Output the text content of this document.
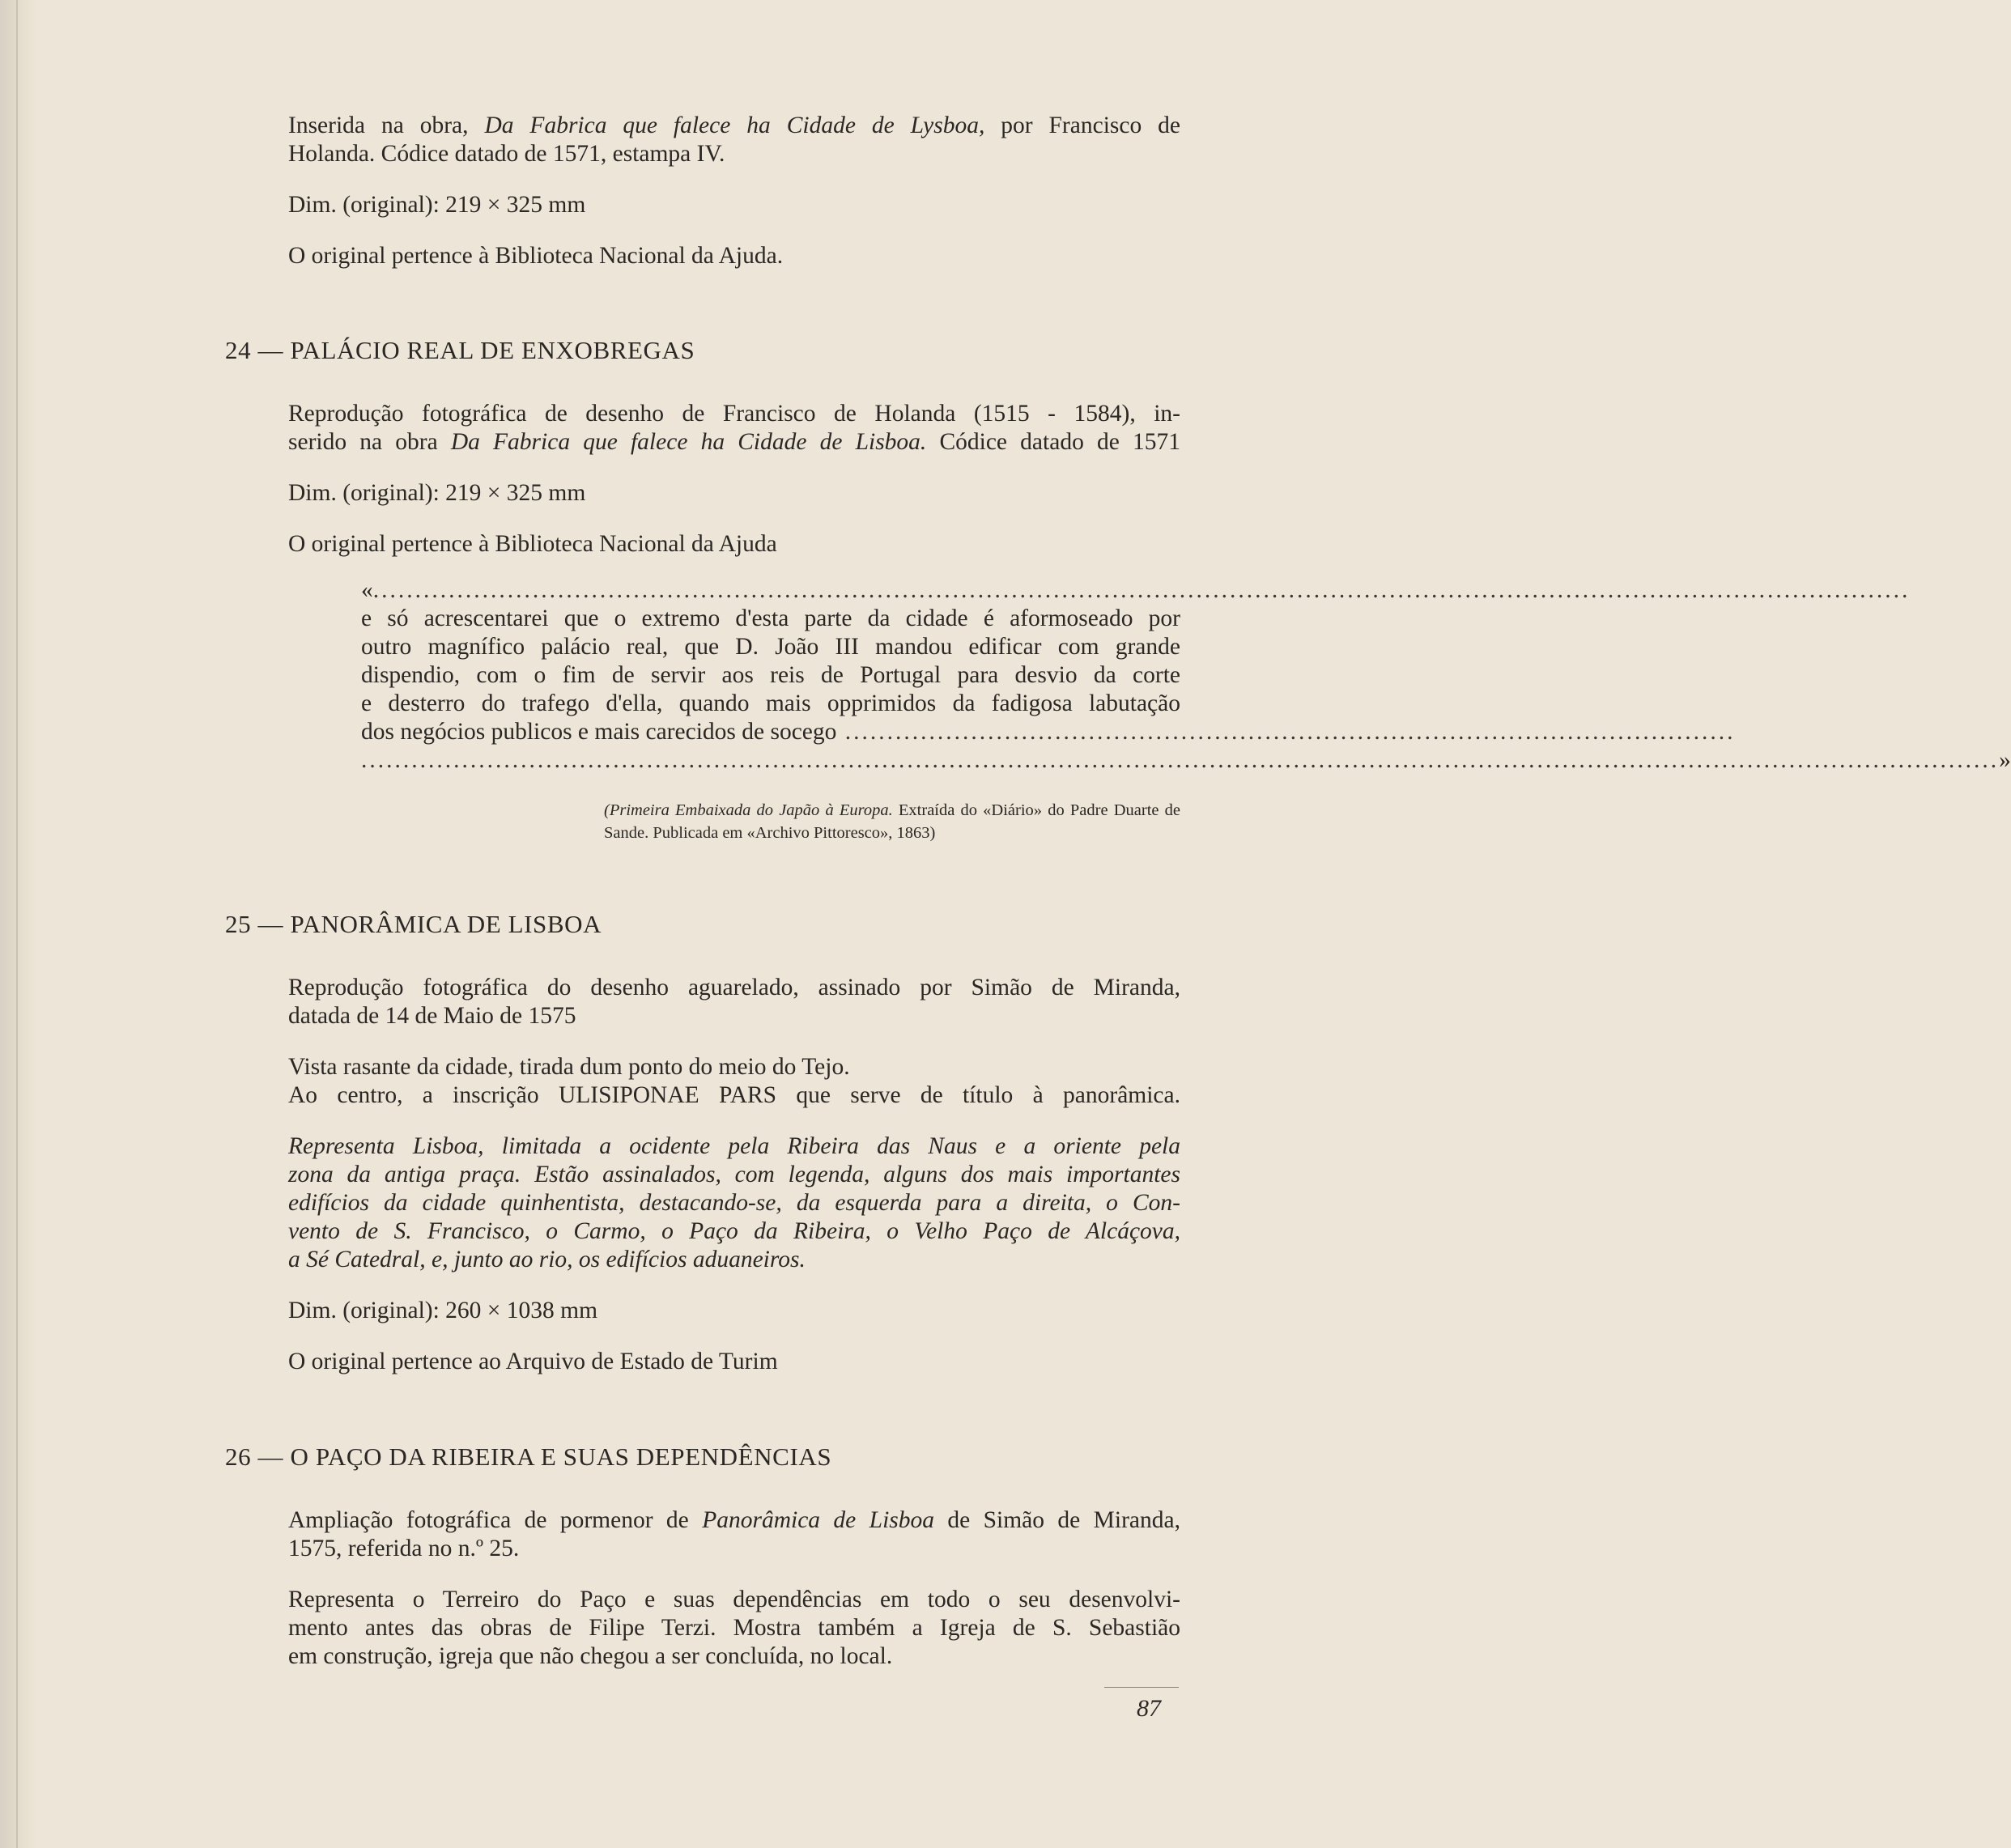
Inserida na obra, Da Fabrica que falece ha Cidade de Lysboa, por Francisco de

Holanda. Códice datado de 1571, estampa IV.

Dim. (original): 219 × 325 mm

O original pertence à Biblioteca Nacional da Ajuda.

24 — PALÁCIO REAL DE ENXOBREGAS

Reprodução fotográfica de desenho de Francisco de Holanda (1515 - 1584), in-

serido na obra Da Fabrica que falece ha Cidade de Lisboa. Códice datado de 1571

Dim. (original): 219 × 325 mm

O original pertence à Biblioteca Nacional da Ajuda

« .......................................................................................................................................................................................

e só acrescentarei que o extremo d'esta parte da cidade é aformoseado por

outro magnífico palácio real, que D. João III mandou edificar com grande

dispendio, com o fim de servir aos reis de Portugal para desvio da corte

e desterro do trafego d'ella, quando mais opprimidos da fadigosa labutação

dos negócios publicos e mais carecidos de socego ..........................................................................................................
................................................................................................................................................................................................... »

(Primeira Embaixada do Japão à Europa. Extraída do «Diário» do Padre Duarte de Sande. Publicada em «Archivo Pittoresco», 1863)

25 — PANORÂMICA DE LISBOA

Reprodução fotográfica do desenho aguarelado, assinado por Simão de Miranda,

datada de 14 de Maio de 1575

Vista rasante da cidade, tirada dum ponto do meio do Tejo.

Ao centro, a inscrição ULISIPONAE PARS que serve de título à panorâmica.

Representa Lisboa, limitada a ocidente pela Ribeira das Naus e a oriente pela

zona da antiga praça. Estão assinalados, com legenda, alguns dos mais importantes

edifícios da cidade quinhentista, destacando-se, da esquerda para a direita, o Con-

vento de S. Francisco, o Carmo, o Paço da Ribeira, o Velho Paço de Alcáçova,

a Sé Catedral, e, junto ao rio, os edifícios aduaneiros.

Dim. (original): 260 × 1038 mm

O original pertence ao Arquivo de Estado de Turim

26 — O PAÇO DA RIBEIRA E SUAS DEPENDÊNCIAS

Ampliação fotográfica de pormenor de Panorâmica de Lisboa de Simão de Miranda,

1575, referida no n.º 25.

Representa o Terreiro do Paço e suas dependências em todo o seu desenvolvi-

mento antes das obras de Filipe Terzi. Mostra também a Igreja de S. Sebastião

em construção, igreja que não chegou a ser concluída, no local.

87
